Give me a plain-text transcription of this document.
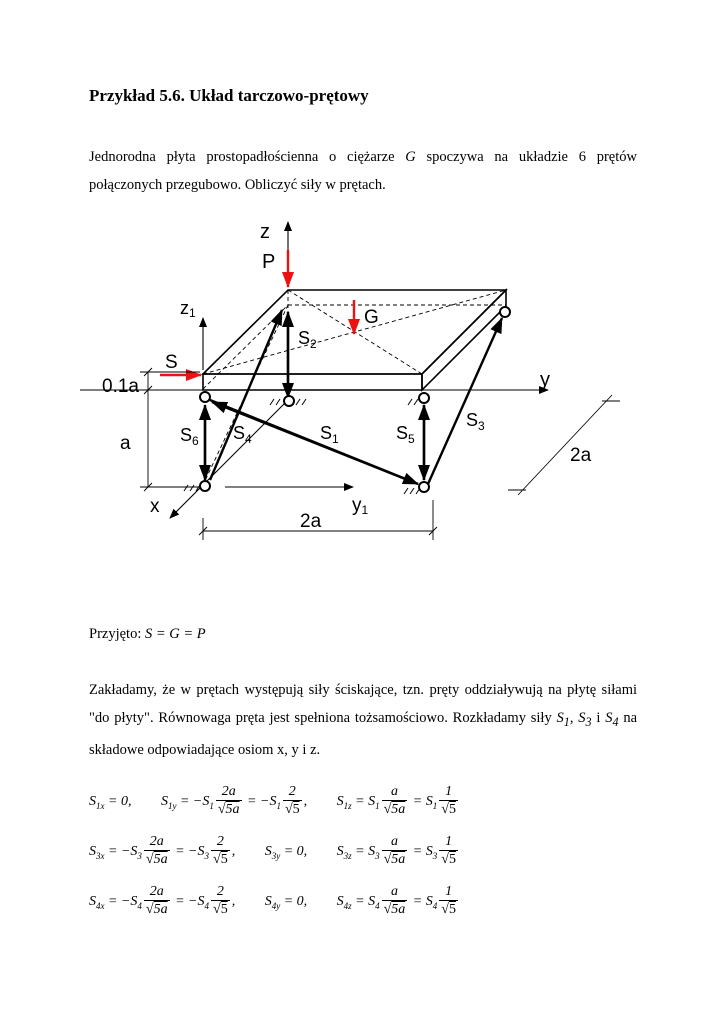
Przykład 5.6. Układ tarczowo-prętowy
Jednorodna płyta prostopadłościenna o ciężarze G spoczywa na układzie 6 prętów połączonych przegubowo. Obliczyć siły w prętach.
z
P
z1	G
S
$S_2$
0.1a	y
$S_3$
a	$S_6$ $S_4$	$S_1$	$S_5$
2a
x	y1
2a
Przyjęto: S = G = P
Zakładamy, że w prętach występują siły ściskające, tzn. pręty oddziaływują na płytę siłami "do płyty". Równowaga pręta jest spełniona tożsamościowo. Rozkładamy siły $S_1$, $S_3$ i $S_4$ na składowe odpowiadające osiom x, y i z.
$S_{1x} = 0$, $S_{1y} = -S_1 \frac{2a}{√5a} = -S_1 \frac{2}{√5}$ , $S_{1z} = S_1 \frac{a}{√5a} = S_1 \frac{1}{√5}$
$S_{3x} = -S_3 \frac{2a}{√5a} = -S_3 \frac{2}{√5}$ , $S_{3y} = 0$, $S_{3z} = S_3 \frac{a}{√5a} = S_3 \frac{1}{√5}$
$S_{4x} = -S_4 \frac{2a}{√5a} = -S_4 \frac{2}{√5}$ , $S_{4y} = 0$, $S_{4z} = S_4 \frac{a}{√5a} = S_4 \frac{1}{√5}$
